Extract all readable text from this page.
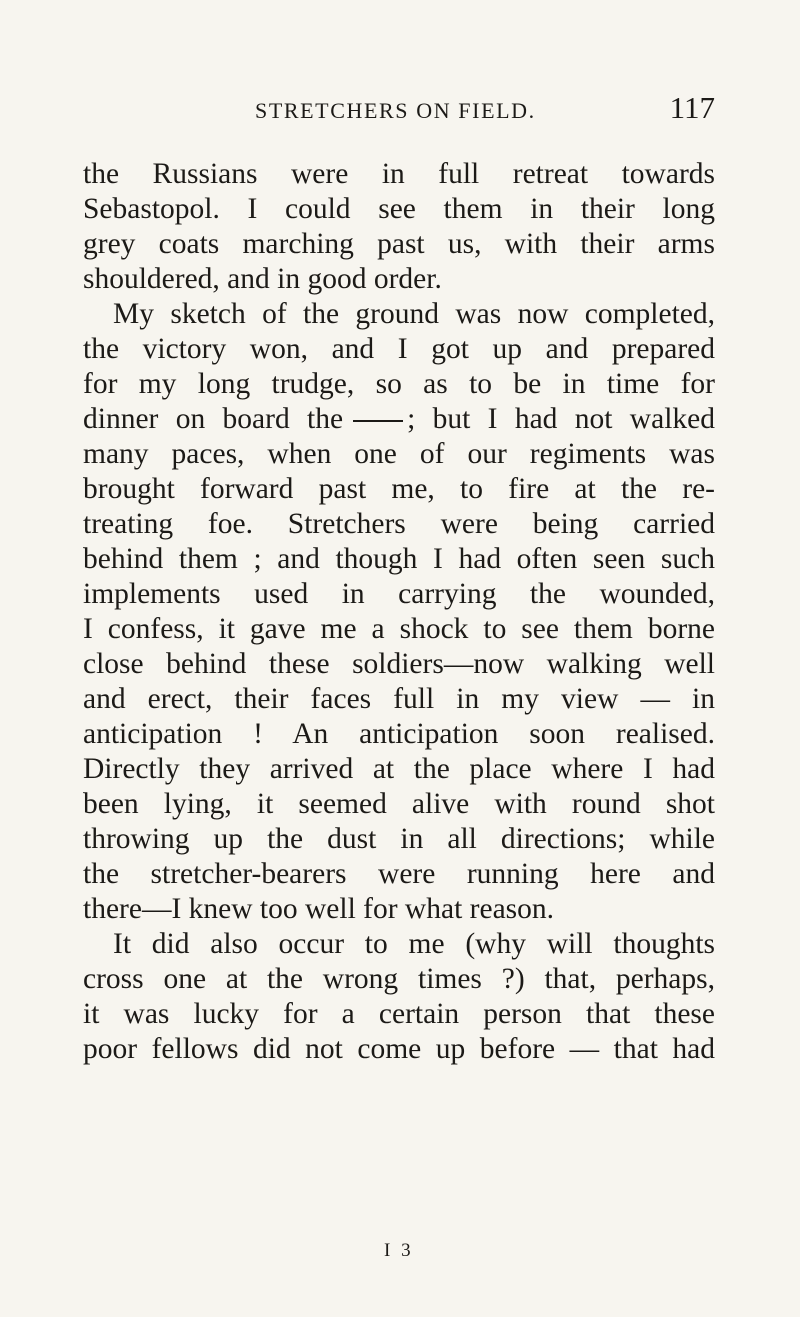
STRETCHERS ON FIELD.	117
the Russians were in full retreat towards
Sebastopol. I could see them in their long
grey coats marching past us, with their arms
shouldered, and in good order.
My sketch of the ground was now completed,
the victory won, and I got up and prepared
for my long trudge, so as to be in time for
dinner on board the ; but I had not walked
many paces, when one of our regiments was
brought forward past me, to fire at the re-
treating foe. Stretchers were being carried
behind them ; and though I had often seen such
implements used in carrying the wounded,
I confess, it gave me a shock to see them borne
close behind these soldiers—now walking well
and erect, their faces full in my view — in
anticipation ! An anticipation soon realised.
Directly they arrived at the place where I had
been lying, it seemed alive with round shot
throwing up the dust in all directions; while
the stretcher-bearers were running here and
there—I knew too well for what reason.
It did also occur to me (why will thoughts
cross one at the wrong times ?) that, perhaps,
it was lucky for a certain person that these
poor fellows did not come up before — that had
I 3
